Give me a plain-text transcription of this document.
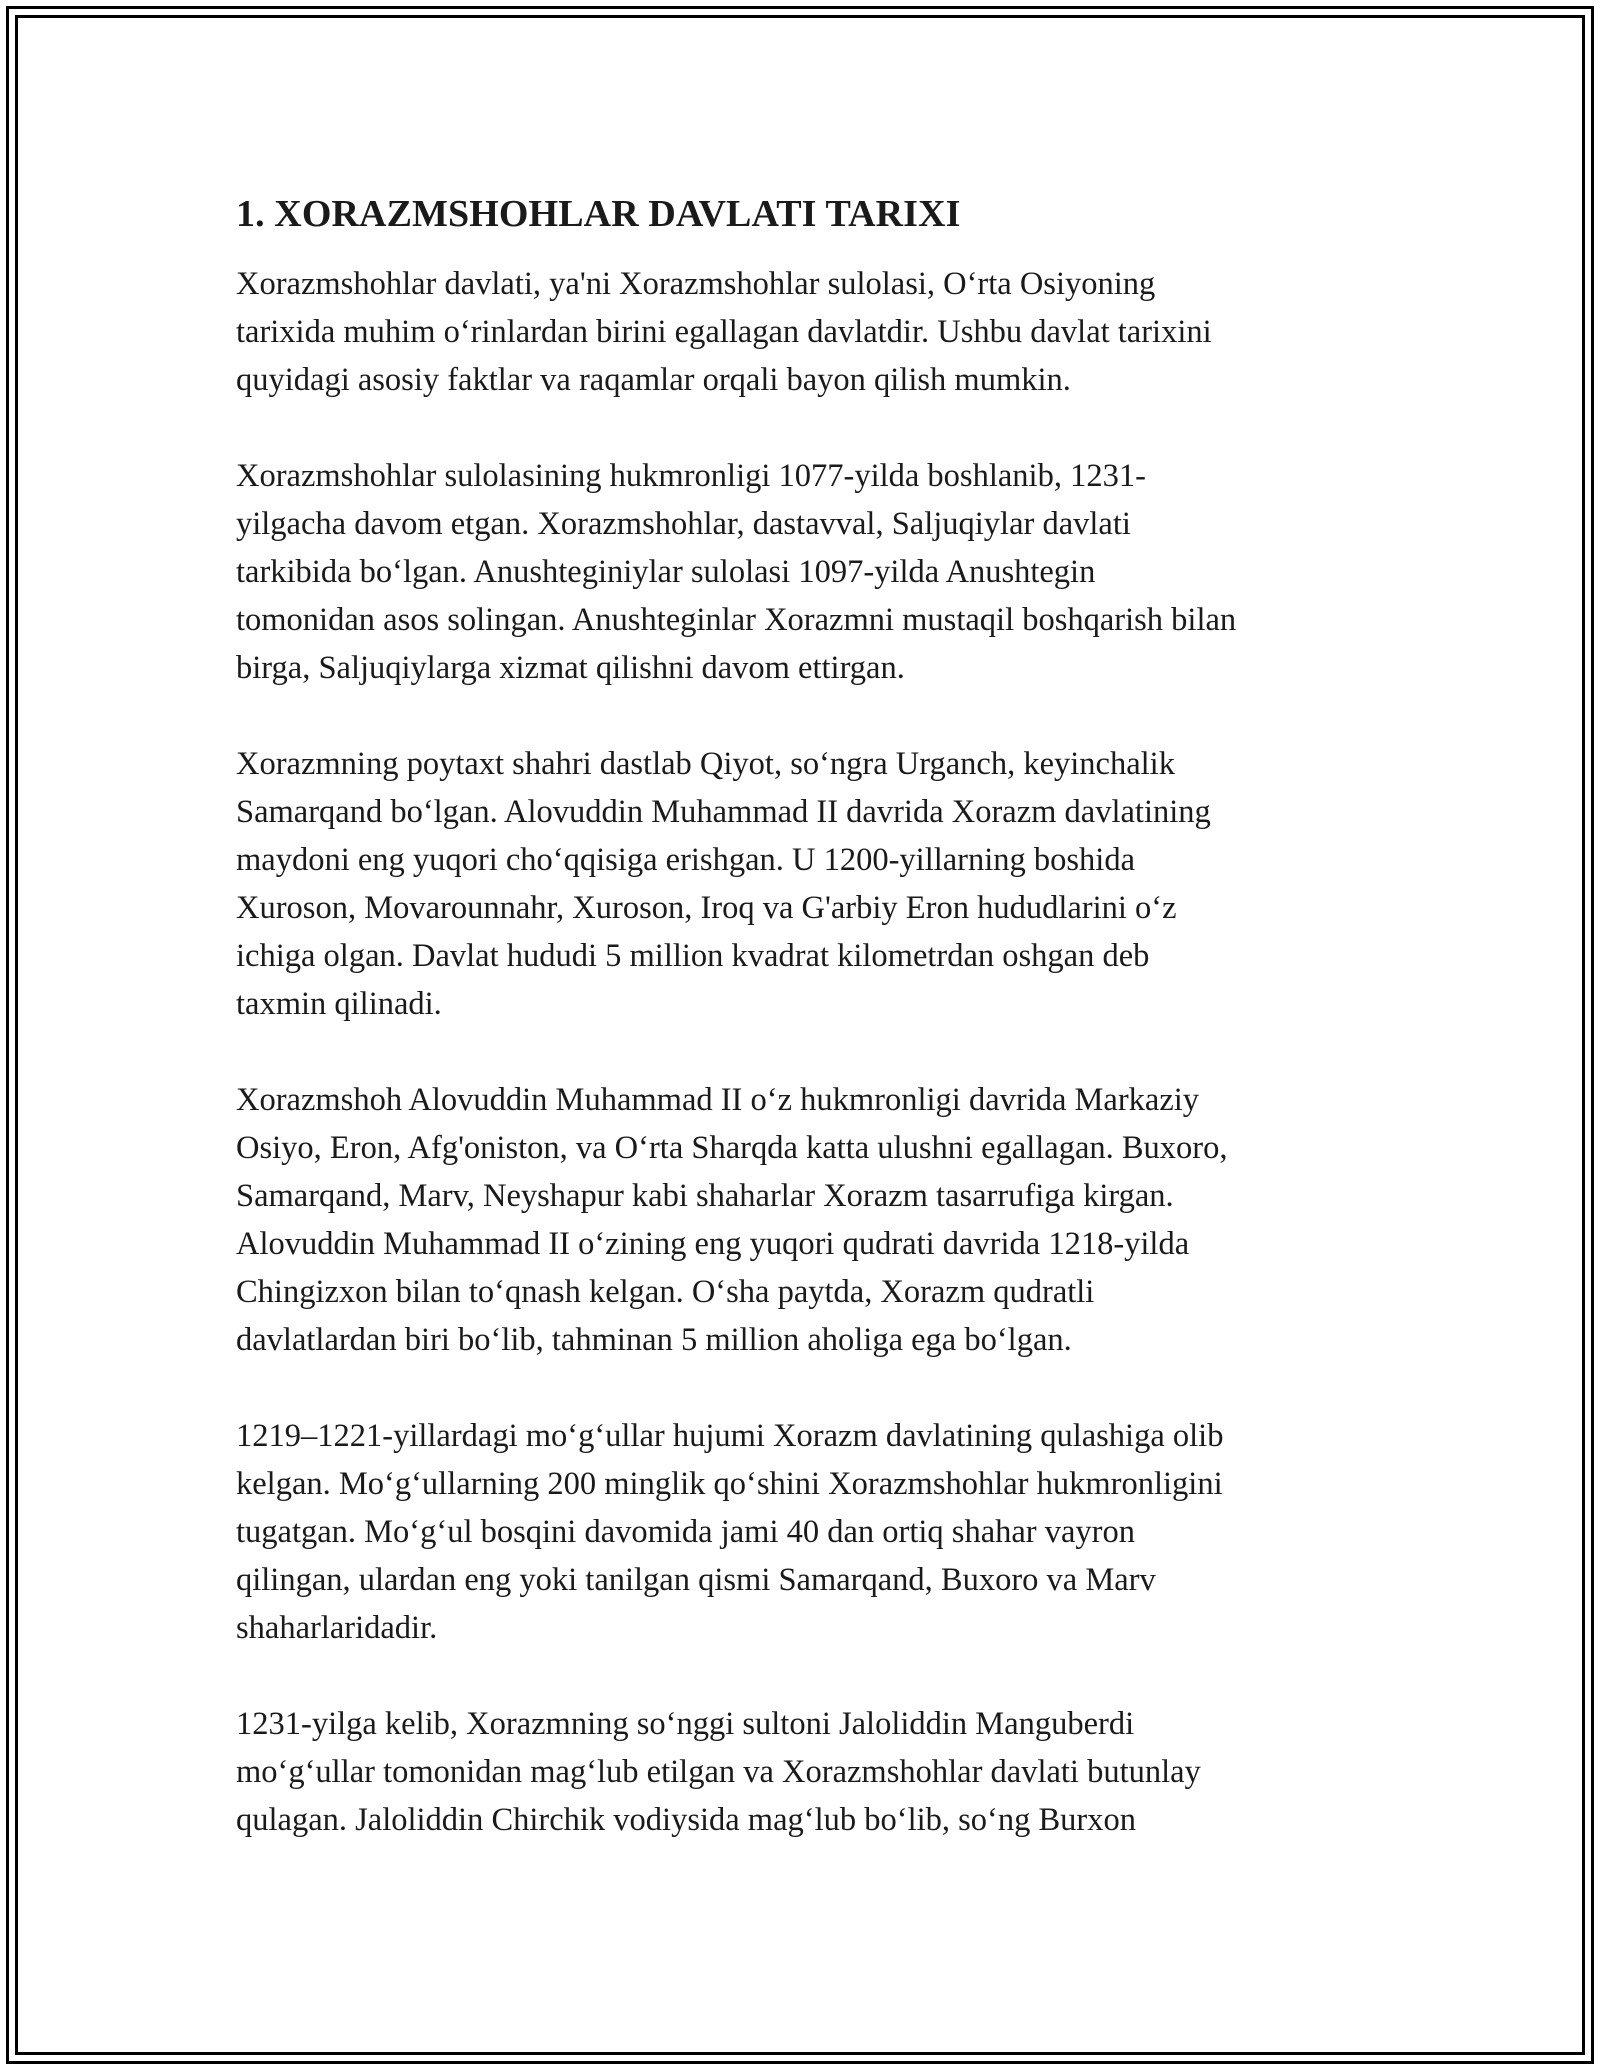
1. XORAZMSHOHLAR DAVLATI TARIXI
Xorazmshohlar davlati, ya'ni Xorazmshohlar sulolasi, O‘rta Osiyoning
tarixida muhim o‘rinlardan birini egallagan davlatdir. Ushbu davlat tarixini
quyidagi asosiy faktlar va raqamlar orqali bayon qilish mumkin.
Xorazmshohlar sulolasining hukmronligi 1077-yilda boshlanib, 1231-
yilgacha davom etgan. Xorazmshohlar, dastavval, Saljuqiylar davlati
tarkibida bo‘lgan. Anushteginiylar sulolasi 1097-yilda Anushtegin
tomonidan asos solingan. Anushteginlar Xorazmni mustaqil boshqarish bilan
birga, Saljuqiylarga xizmat qilishni davom ettirgan.
Xorazmning poytaxt shahri dastlab Qiyot, so‘ngra Urganch, keyinchalik
Samarqand bo‘lgan. Alovuddin Muhammad II davrida Xorazm davlatining
maydoni eng yuqori cho‘qqisiga erishgan. U 1200-yillarning boshida
Xuroson, Movarounnahr, Xuroson, Iroq va G'arbiy Eron hududlarini o‘z
ichiga olgan. Davlat hududi 5 million kvadrat kilometrdan oshgan deb
taxmin qilinadi.
Xorazmshoh Alovuddin Muhammad II o‘z hukmronligi davrida Markaziy
Osiyo, Eron, Afg'oniston, va O‘rta Sharqda katta ulushni egallagan. Buxoro,
Samarqand, Marv, Neyshapur kabi shaharlar Xorazm tasarrufiga kirgan.
Alovuddin Muhammad II o‘zining eng yuqori qudrati davrida 1218-yilda
Chingizxon bilan to‘qnash kelgan. O‘sha paytda, Xorazm qudratli
davlatlardan biri bo‘lib, tahminan 5 million aholiga ega bo‘lgan.
1219–1221-yillardagi mo‘g‘ullar hujumi Xorazm davlatining qulashiga olib
kelgan. Mo‘g‘ullarning 200 minglik qo‘shini Xorazmshohlar hukmronligini
tugatgan. Mo‘g‘ul bosqini davomida jami 40 dan ortiq shahar vayron
qilingan, ulardan eng yoki tanilgan qismi Samarqand, Buxoro va Marv
shaharlaridadir.
1231-yilga kelib, Xorazmning so‘nggi sultoni Jaloliddin Manguberdi
mo‘g‘ullar tomonidan mag‘lub etilgan va Xorazmshohlar davlati butunlay
qulagan. Jaloliddin Chirchik vodiysida mag‘lub bo‘lib, so‘ng Burxon
